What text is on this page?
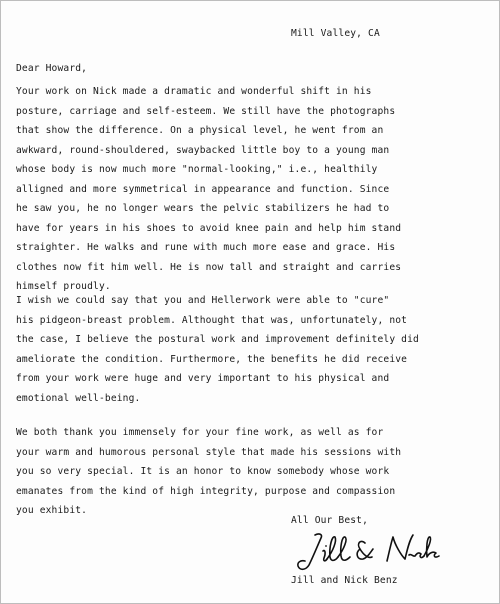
Mill Valley, CA
Dear Howard,
Your work on Nick made a dramatic and wonderful shift in his
posture, carriage and self-esteem. We still have the photographs
that show the difference. On a physical level, he went from an
awkward, round-shouldered, swaybacked little boy to a young man
whose body is now much more "normal-looking," i.e., healthily
alligned and more symmetrical in appearance and function. Since
he saw you, he no longer wears the pelvic stabilizers he had to
have for years in his shoes to avoid knee pain and help him stand
straighter. He walks and rune with much more ease and grace. His
clothes now fit him well. He is now tall and straight and carries
himself proudly.
I wish we could say that you and Hellerwork were able to "cure"
his pidgeon-breast problem. Althought that was, unfortunately, not
the case, I believe the postural work and improvement definitely did
ameliorate the condition. Furthermore, the benefits he did receive
from your work were huge and very important to his physical and
emotional well-being.
We both thank you immensely for your fine work, as well as for
your warm and humorous personal style that made his sessions with
you so very special. It is an honor to know somebody whose work
emanates from the kind of high integrity, purpose and compassion
you exhibit.
All Our Best,
Jill and Nick Benz
